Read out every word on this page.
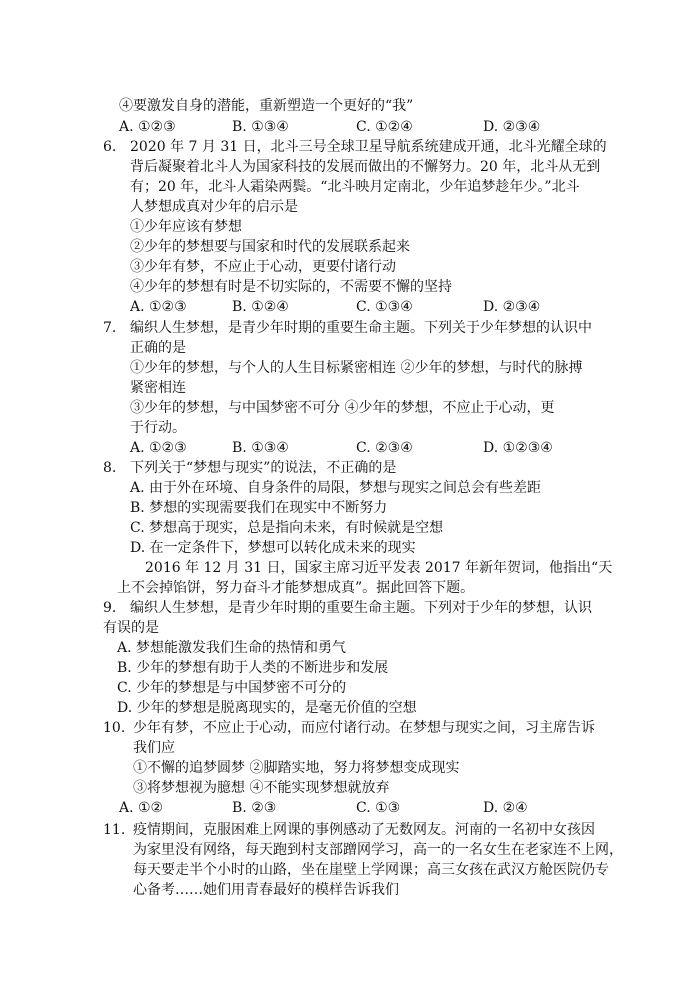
④要激发自身的潜能，重新塑造一个更好的“我”
A. ①②③	B. ①③④	C. ①②④	D. ②③④
6. 2020 年 7 月 31 日，北斗三号全球卫星导航系统建成开通，北斗光耀全球的
背后凝聚着北斗人为国家科技的发展而做出的不懈努力。20 年，北斗从无到
有；20 年，北斗人霜染两鬓。“北斗映月定南北，少年追梦趁年少。”北斗
人梦想成真对少年的启示是
①少年应该有梦想
②少年的梦想要与国家和时代的发展联系起来
③少年有梦，不应止于心动，更要付诸行动
④少年的梦想有时是不切实际的，不需要不懈的坚持
A. ①②③	B. ①②④	C. ①③④	D. ②③④
7. 编织人生梦想，是青少年时期的重要生命主题。下列关于少年梦想的认识中
正确的是
①少年的梦想，与个人的人生目标紧密相连 ②少年的梦想，与时代的脉搏
紧密相连
③少年的梦想，与中国梦密不可分 ④少年的梦想，不应止于心动，更
于行动。
A. ①②③	B. ①③④	C. ②③④	D. ①②③④
8. 下列关于“梦想与现实”的说法，不正确的是
A. 由于外在环境、自身条件的局限，梦想与现实之间总会有些差距
B. 梦想的实现需要我们在现实中不断努力
C. 梦想高于现实，总是指向未来，有时候就是空想
D. 在一定条件下，梦想可以转化成未来的现实
2016 年 12 月 31 日，国家主席习近平发表 2017 年新年贺词，他指出“天
上不会掉馅饼，努力奋斗才能梦想成真”。据此回答下题。
9. 编织人生梦想，是青少年时期的重要生命主题。下列对于少年的梦想，认识
有误的是
A. 梦想能激发我们生命的热情和勇气
B. 少年的梦想有助于人类的不断进步和发展
C. 少年的梦想是与中国梦密不可分的
D. 少年的梦想是脱离现实的，是毫无价值的空想
10. 少年有梦，不应止于心动，而应付诸行动。在梦想与现实之间，习主席告诉
我们应
①不懈的追梦圆梦 ②脚踏实地，努力将梦想变成现实
③将梦想视为臆想 ④不能实现梦想就放弃
A. ①②	B. ②③	C. ①③	D. ②④
11. 疫情期间，克服困难上网课的事例感动了无数网友。河南的一名初中女孩因
为家里没有网络，每天跑到村支部蹭网学习，高一的一名女生在老家连不上网，
每天要走半个小时的山路，坐在崖壁上学网课；高三女孩在武汉方舱医院仍专
心备考……她们用青春最好的模样告诉我们
